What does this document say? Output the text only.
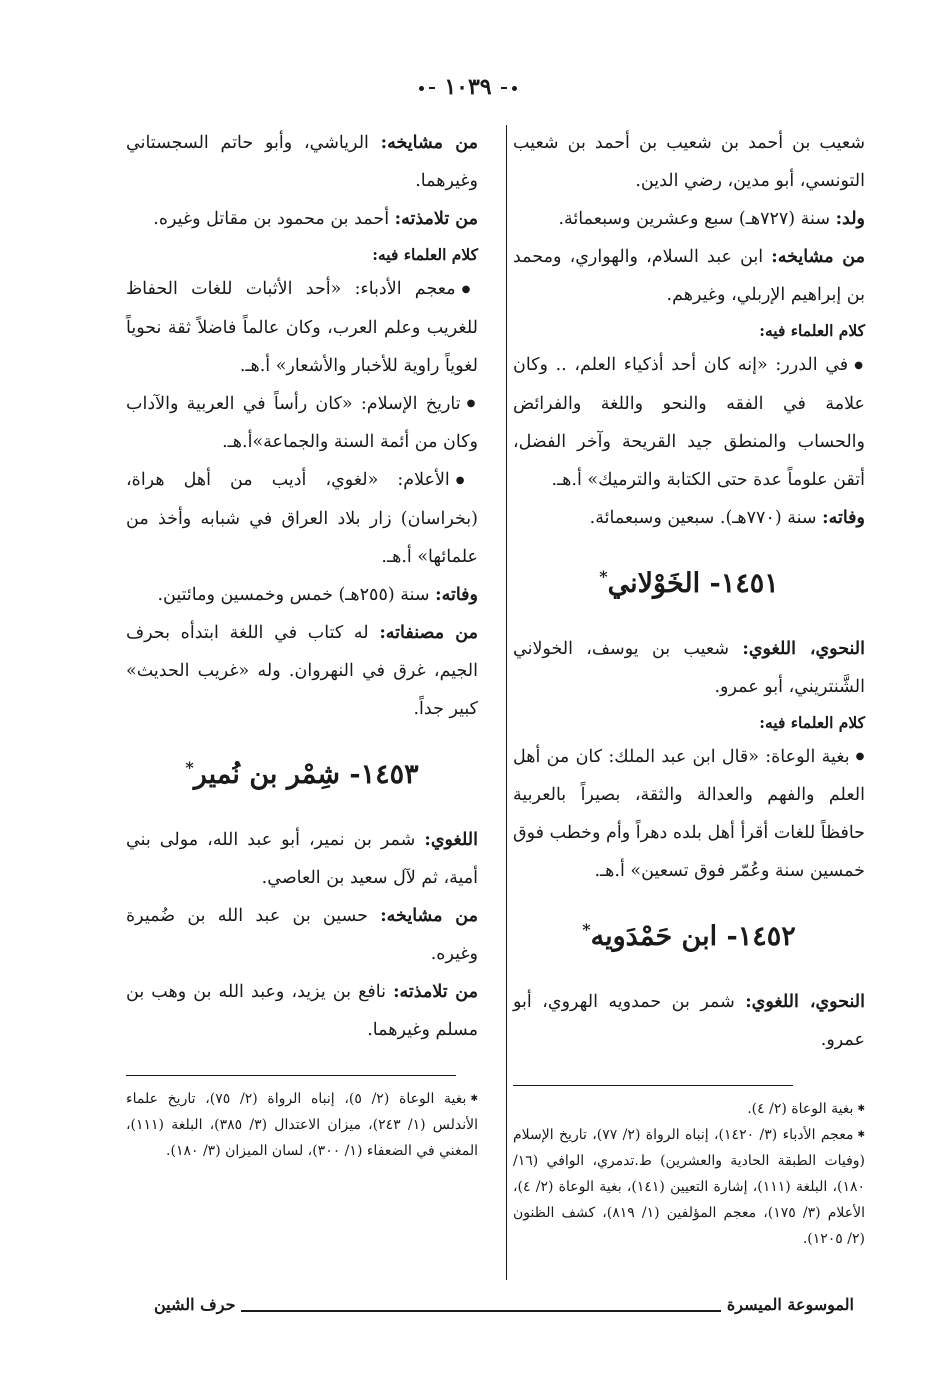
١٠٣٩

شعيب بن أحمد بن شعيب بن أحمد بن شعيب التونسي، أبو مدين، رضي الدين.

ولد: سنة (٧٢٧هـ) سبع وعشرين وسبعمائة.

من مشايخه: ابن عبد السلام، والهواري، ومحمد بن إبراهيم الإربلي، وغيرهم.

كلام العلماء فيه:

● في الدرر: «إنه كان أحد أذكياء العلم، .. وكان علامة في الفقه والنحو واللغة والفرائض والحساب والمنطق جيد القريحة وآخر الفضل، أتقن علوماً عدة حتى الكتابة والترميك» أ.هـ.

وفاته: سنة (٧٧٠هـ). سبعين وسبعمائة.

١٤٥١- الخَوْلاني*

النحوي، اللغوي: شعيب بن يوسف، الخولاني الشَّنتريني، أبو عمرو.

كلام العلماء فيه:

● بغية الوعاة: «قال ابن عبد الملك: كان من أهل العلم والفهم والعدالة والثقة، بصيراً بالعربية حافظاً للغات أقرأ أهل بلده دهراً وأم وخطب فوق خمسين سنة وعُمّر فوق تسعين» أ.هـ.

١٤٥٢- ابن حَمْدَويه*

النحوي، اللغوي: شمر بن حمدويه الهروي، أبو عمرو.

✱ بغية الوعاة (٢/ ٤).

✱ معجم الأدباء (٣/ ١٤٢٠)، إنباه الرواة (٢/ ٧٧)، تاريخ الإسلام (وفيات الطبقة الحادية والعشرين) ط.تدمري، الوافي (١٦/ ١٨٠)، البلغة (١١١)، إشارة التعيين (١٤١)، بغية الوعاة (٢/ ٤)، الأعلام (٣/ ١٧٥)، معجم المؤلفين (١/ ٨١٩)، كشف الظنون (٢/ ١٢٠٥).

من مشايخه: الرياشي، وأبو حاتم السجستاني وغيرهما.

من تلامذته: أحمد بن محمود بن مقاتل وغيره.

كلام العلماء فيه:

● معجم الأدباء: «أحد الأثبات للغات الحفاظ للغريب وعلم العرب، وكان عالماً فاضلاً ثقة نحوياً لغوياً راوية للأخبار والأشعار» أ.هـ.

● تاريخ الإسلام: «كان رأساً في العربية والآداب وكان من أئمة السنة والجماعة»أ.هـ.

● الأعلام: «لغوي، أديب من أهل هراة، (بخراسان) زار بلاد العراق في شبابه وأخذ من علمائها» أ.هـ.

وفاته: سنة (٢٥٥هـ) خمس وخمسين ومائتين.

من مصنفاته: له كتاب في اللغة ابتدأه بحرف الجيم، غرق في النهروان. وله «غريب الحديث» كبير جداً.

١٤٥٣- شِمْر بن نُمير*

اللغوي: شمر بن نمير، أبو عبد الله، مولى بني أمية، ثم لآل سعيد بن العاصي.

من مشايخه: حسين بن عبد الله بن ضُميرة وغيره.

من تلامذته: نافع بن يزيد، وعبد الله بن وهب بن مسلم وغيرهما.

✱ بغية الوعاة (٢/ ٥)، إنباه الرواة (٢/ ٧٥)، تاريخ علماء الأندلس (١/ ٢٤٣)، ميزان الاعتدال (٣/ ٣٨٥)، البلغة (١١١)، المغني في الضعفاء (١/ ٣٠٠)، لسان الميزان (٣/ ١٨٠).

الموسوعة الميسرة
حرف الشين
